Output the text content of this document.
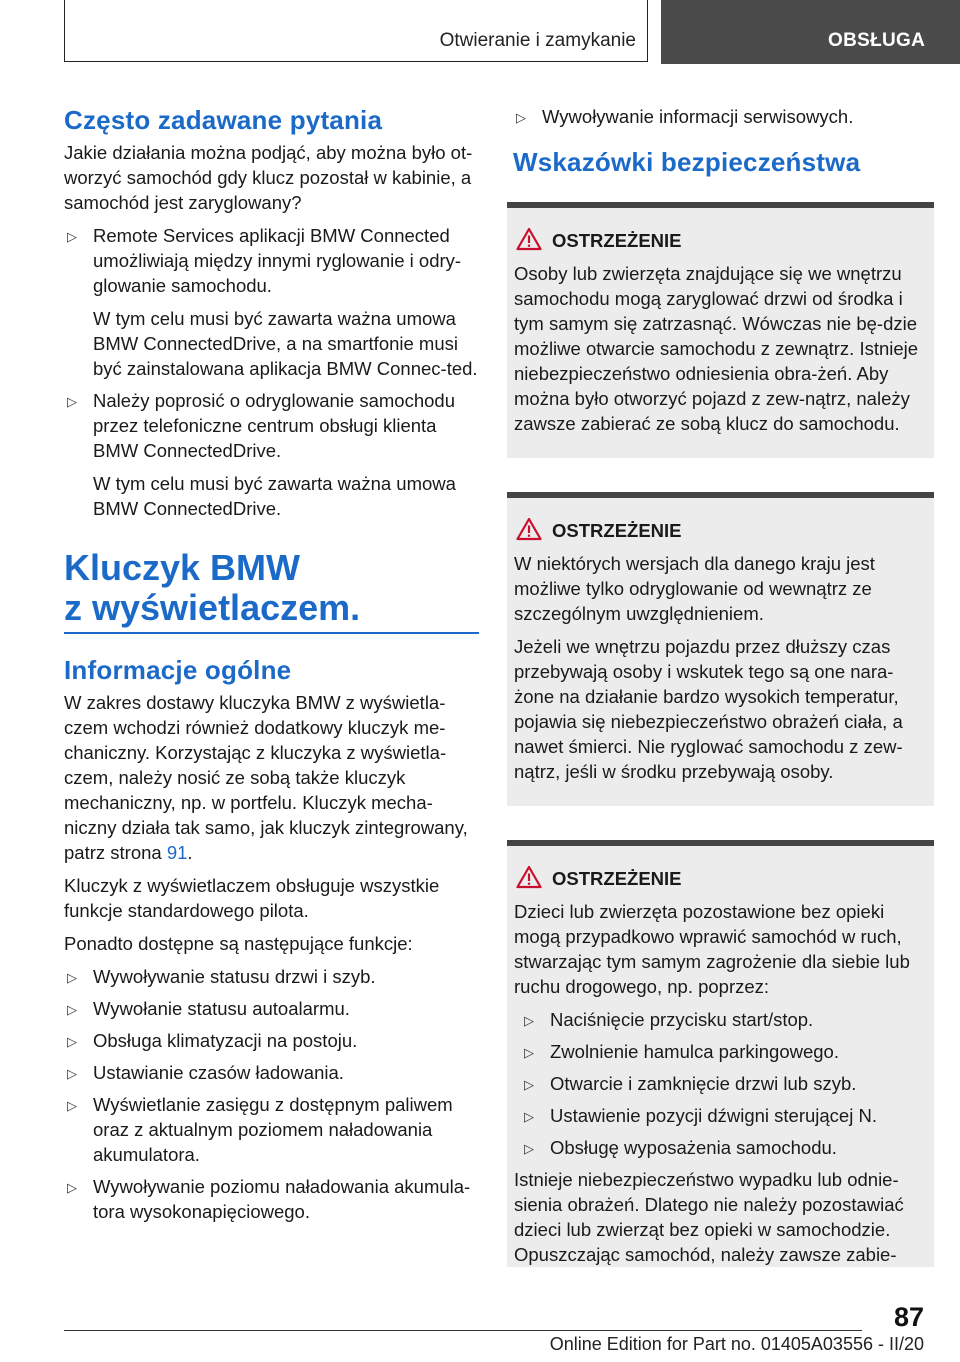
Otwieranie i zamykanie	OBSŁUGA
Często zadawane pytania

Jakie działania można podjąć, aby można było ot-worzyć samochód gdy klucz pozostał w kabinie, a samochód jest zaryglowany?

▷ Remote Services aplikacji BMW Connected umożliwiają między innymi ryglowanie i odry-glowanie samochodu.
W tym celu musi być zawarta ważna umowa BMW ConnectedDrive, a na smartfonie musi być zainstalowana aplikacja BMW Connec-ted.
▷ Należy poprosić o odryglowanie samochodu przez telefoniczne centrum obsługi klienta BMW ConnectedDrive.
W tym celu musi być zawarta ważna umowa BMW ConnectedDrive.
Kluczyk BMW
z wyświetlaczem.
Informacje ogólne

W zakres dostawy kluczyka BMW z wyświetla-czem wchodzi również dodatkowy kluczyk me-chaniczny. Korzystając z kluczyka z wyświetla-czem, należy nosić ze sobą także kluczyk mechaniczny, np. w portfelu. Kluczyk mecha-niczny działa tak samo, jak kluczyk zintegrowany, patrz strona 91.

Kluczyk z wyświetlaczem obsługuje wszystkie funkcje standardowego pilota.

Ponadto dostępne są następujące funkcje:

▷ Wywoływanie statusu drzwi i szyb.
▷ Wywołanie statusu autoalarmu.
▷ Obsługa klimatyzacji na postoju.
▷ Ustawianie czasów ładowania.
▷ Wyświetlanie zasięgu z dostępnym paliwem oraz z aktualnym poziomem naładowania akumulatora.
▷ Wywoływanie poziomu naładowania akumula-tora wysokonapięciowego.
▷ Wywoływanie informacji serwisowych.
Wskazówki bezpieczeństwa
OSTRZEŻENIE

Osoby lub zwierzęta znajdujące się we wnętrzu samochodu mogą zaryglować drzwi od środka i tym samym się zatrzasnąć. Wówczas nie bę-dzie możliwe otwarcie samochodu z zewnątrz. Istnieje niebezpieczeństwo odniesienia obra-żeń. Aby można było otworzyć pojazd z zew-nątrz, należy zawsze zabierać ze sobą klucz do samochodu.

OSTRZEŻENIE

W niektórych wersjach dla danego kraju jest możliwe tylko odryglowanie od wewnątrz ze szczególnym uwzględnieniem.

Jeżeli we wnętrzu pojazdu przez dłuższy czas przebywają osoby i wskutek tego są one nara-żone na działanie bardzo wysokich temperatur, pojawia się niebezpieczeństwo obrażeń ciała, a nawet śmierci. Nie ryglować samochodu z zew-nątrz, jeśli w środku przebywają osoby.

OSTRZEŻENIE

Dzieci lub zwierzęta pozostawione bez opieki mogą przypadkowo wprawić samochód w ruch, stwarzając tym samym zagrożenie dla siebie lub ruchu drogowego, np. poprzez:

▷ Naciśnięcie przycisku start/stop.
▷ Zwolnienie hamulca parkingowego.
▷ Otwarcie i zamknięcie drzwi lub szyb.
▷ Ustawienie pozycji dźwigni sterującej N.
▷ Obsługę wyposażenia samochodu.

Istnieje niebezpieczeństwo wypadku lub odnie-sienia obrażeń. Dlatego nie należy pozostawiać dzieci lub zwierząt bez opieki w samochodzie. Opuszczając samochód, należy zawsze zabie-

87
Online Edition for Part no. 01405A03556 - II/20
